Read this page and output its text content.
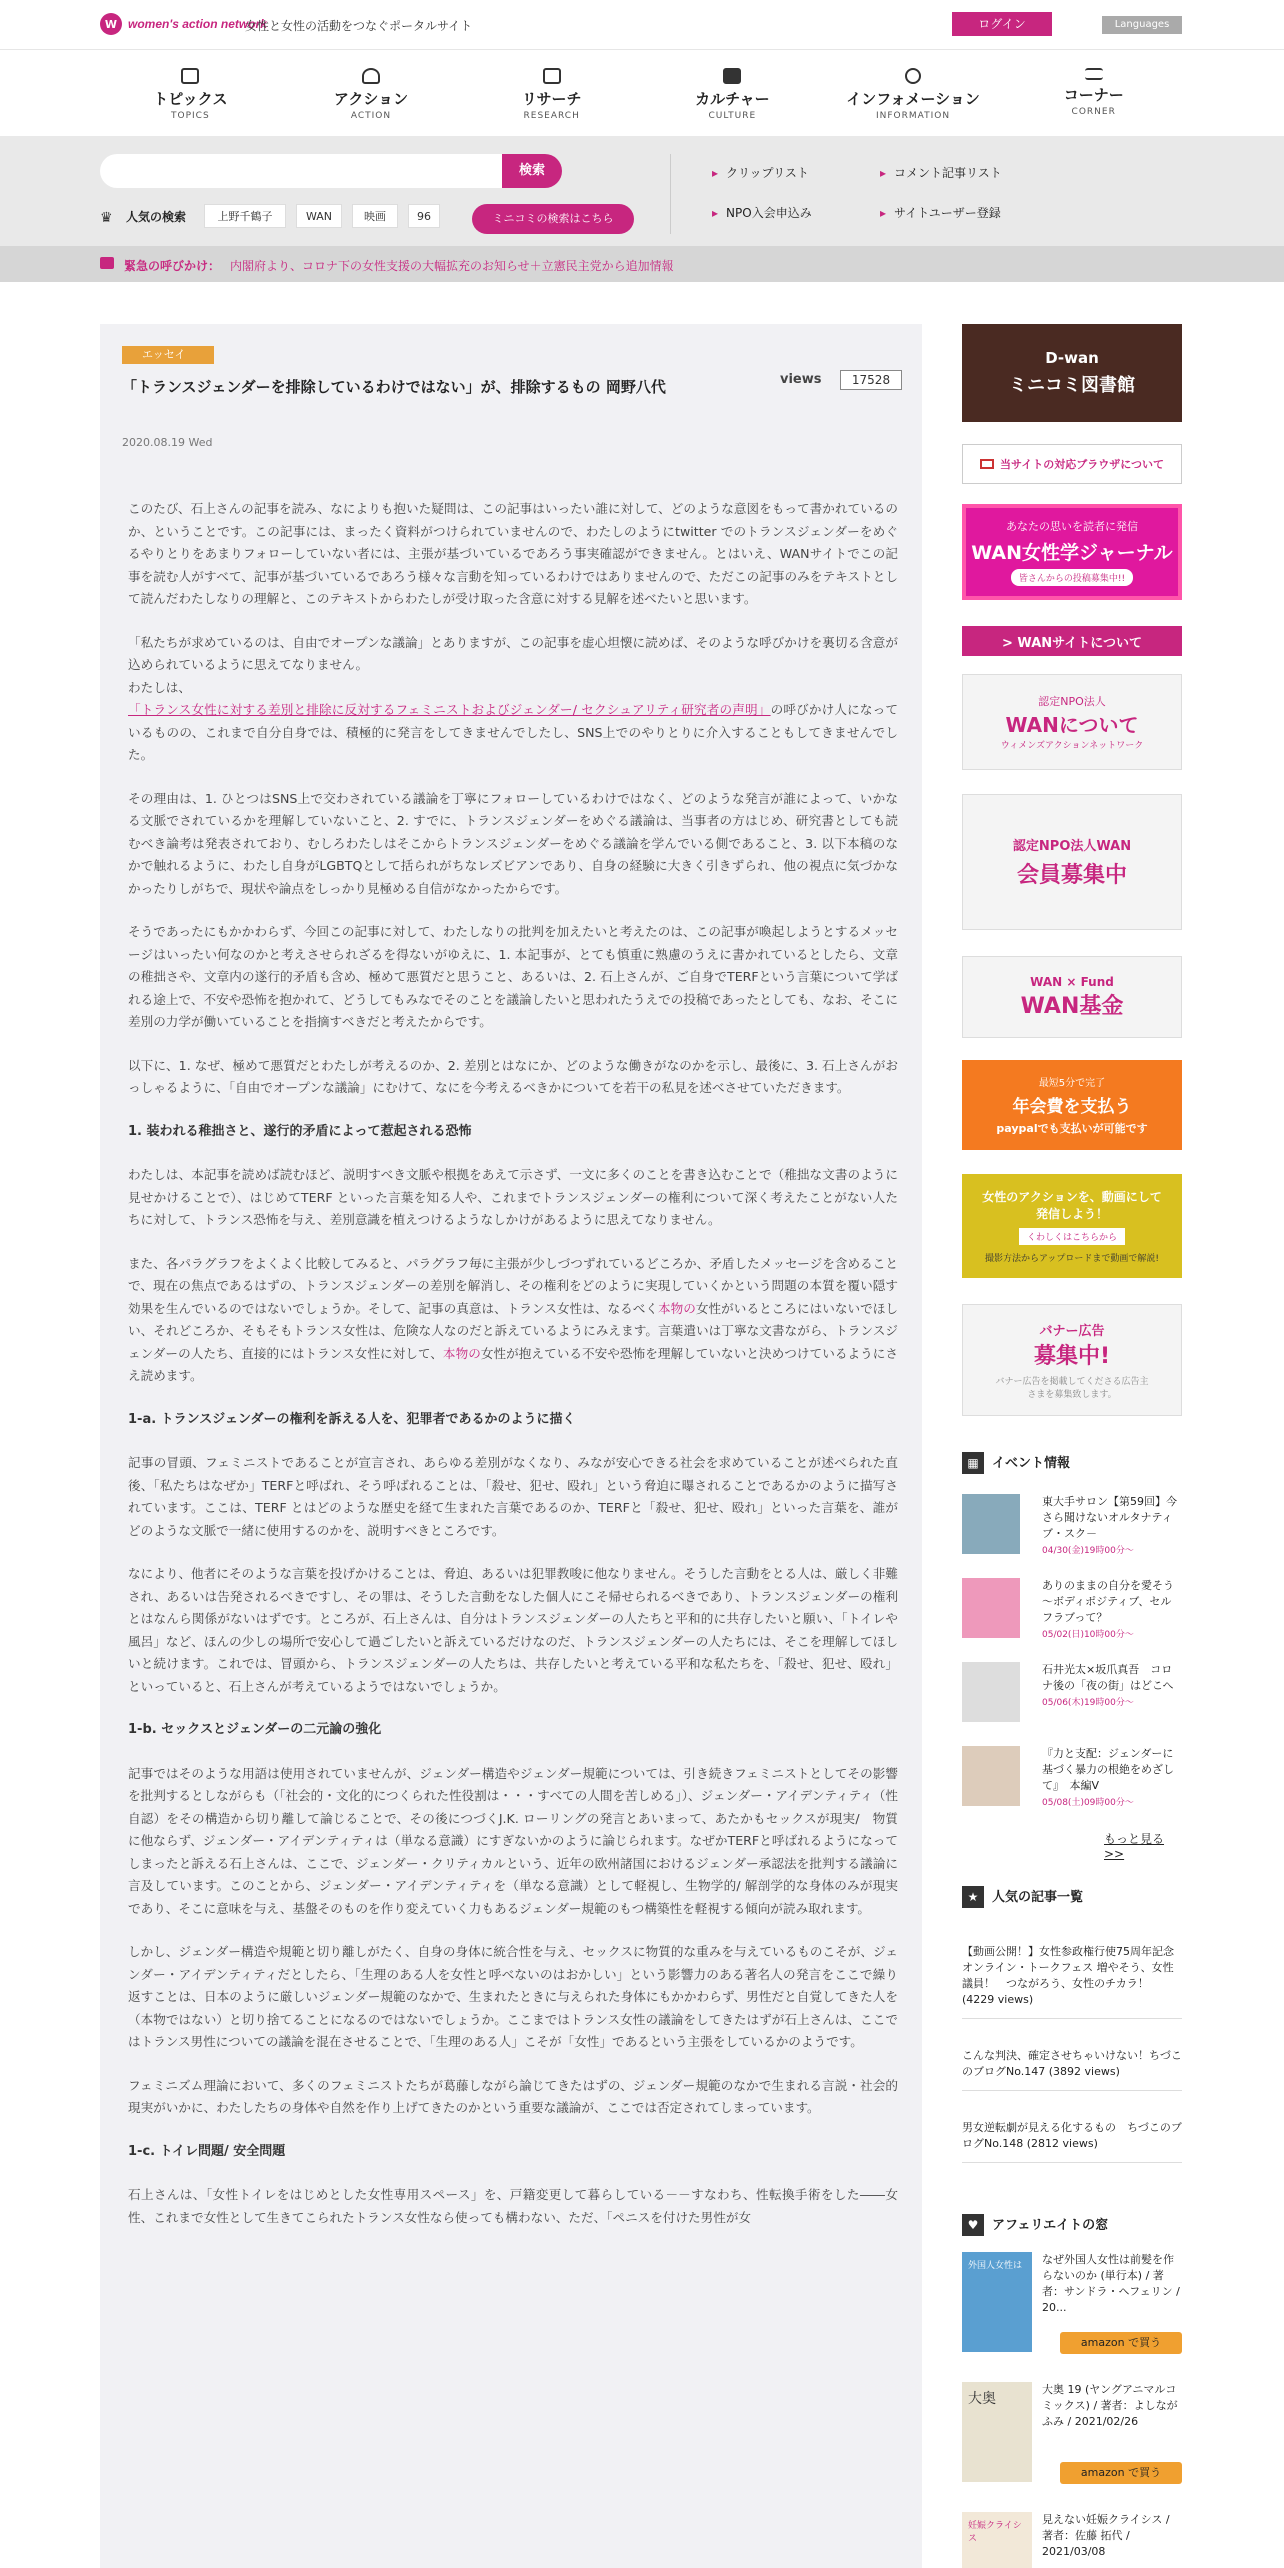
W women's action network
女性と女性の活動をつなぐポータルサイト	ログイン	Languages
トピックス
TOPICS
アクション
ACTION
リサーチ
RESEARCH
カルチャー
CULTURE
インフォメーション
INFORMATION
コーナー
CORNER
検索
♛	人気の検索	上野千鶴子	WAN	映画	96	ミニコミの検索はこちら
▸ クリップリスト	▸ コメント記事リスト
▸ NPO入会申込み	▸ サイトユーザー登録
緊急の呼びかけ： 内閣府より、コロナ下の女性支援の大幅拡充のお知らせ＋立憲民主党から追加情報
エッセイ
「トランスジェンダーを排除しているわけではない」が、排除するもの 岡野八代	views	17528
2020.08.19 Wed

このたび、石上さんの記事を読み、なによりも抱いた疑問は、この記事はいったい誰に対して、どのような意図をもって書かれているのか、ということです。この記事には、まったく資料がつけられていませんので、わたしのようにtwitter でのトランスジェンダーをめぐるやりとりをあまりフォローしていない者には、主張が基づいているであろう事実確認ができません。とはいえ、WANサイトでこの記事を読む人がすべて、記事が基づいているであろう様々な言動を知っているわけではありませんので、ただこの記事のみをテキストとして読んだわたしなりの理解と、このテキストからわたしが受け取った含意に対する見解を述べたいと思います。

「私たちが求めているのは、自由でオープンな議論」とありますが、この記事を虚心坦懐に読めば、そのような呼びかけを裏切る含意が込められているように思えてなりません。
わたしは、
「トランス女性に対する差別と排除に反対するフェミニストおよびジェンダー/ セクシュアリティ研究者の声明」の呼びかけ人になっているものの、これまで自分自身では、積極的に発言をしてきませんでしたし、SNS上でのやりとりに介入することもしてきませんでした。

その理由は、1. ひとつはSNS上で交わされている議論を丁寧にフォローしているわけではなく、どのような発言が誰によって、いかなる文脈でされているかを理解していないこと、2. すでに、トランスジェンダーをめぐる議論は、当事者の方はじめ、研究書としても読むべき論考は発表されており、むしろわたしはそこからトランスジェンダーをめぐる議論を学んでいる側であること、3. 以下本稿のなかで触れるように、わたし自身がLGBTQとして括られがちなレズビアンであり、自身の経験に大きく引きずられ、他の視点に気づかなかったりしがちで、現状や論点をしっかり見極める自信がなかったからです。

そうであったにもかかわらず、今回この記事に対して、わたしなりの批判を加えたいと考えたのは、この記事が喚起しようとするメッセージはいったい何なのかと考えさせられざるを得ないがゆえに、1. 本記事が、とても慎重に熟慮のうえに書かれているとしたら、文章の稚拙さや、文章内の遂行的矛盾も含め、極めて悪質だと思うこと、あるいは、2. 石上さんが、ご自身でTERFという言葉について学ばれる途上で、不安や恐怖を抱かれて、どうしてもみなでそのことを議論したいと思われたうえでの投稿であったとしても、なお、そこに差別の力学が働いていることを指摘すべきだと考えたからです。

以下に、1. なぜ、極めて悪質だとわたしが考えるのか、2. 差別とはなにか、どのような働きがなのかを示し、最後に、3. 石上さんがおっしゃるように、「自由でオープンな議論」にむけて、なにを今考えるべきかについてを若干の私見を述べさせていただきます。

1. 装われる稚拙さと、遂行的矛盾によって惹起される恐怖

わたしは、本記事を読めば読むほど、説明すべき文脈や根拠をあえて示さず、一文に多くのことを書き込むことで（稚拙な文書のように見せかけることで）、はじめてTERF といった言葉を知る人や、これまでトランスジェンダーの権利について深く考えたことがない人たちに対して、トランス恐怖を与え、差別意識を植えつけるようなしかけがあるように思えてなりません。

また、各パラグラフをよくよく比較してみると、パラグラフ毎に主張が少しづつずれているどころか、矛盾したメッセージを含めることで、現在の焦点であるはずの、トランスジェンダーの差別を解消し、その権利をどのように実現していくかという問題の本質を覆い隠す効果を生んでいるのではないでしょうか。そして、記事の真意は、トランス女性は、なるべく本物の女性がいるところにはいないでほしい、それどころか、そもそもトランス女性は、危険な人なのだと訴えているようにみえます。言葉遣いは丁寧な文書ながら、トランスジェンダーの人たち、直接的にはトランス女性に対して、本物の女性が抱えている不安や恐怖を理解していないと決めつけているようにさえ読めます。

1-a. トランスジェンダーの権利を訴える人を、犯罪者であるかのように描く

記事の冒頭、フェミニストであることが宣言され、あらゆる差別がなくなり、みなが安心できる社会を求めていることが述べられた直後、「私たちはなぜか」TERFと呼ばれ、そう呼ばれることは、「殺せ、犯せ、殴れ」という脅迫に曝されることであるかのように描写されています。ここは、TERF とはどのような歴史を経て生まれた言葉であるのか、TERFと「殺せ、犯せ、殴れ」といった言葉を、誰がどのような文脈で一緒に使用するのかを、説明すべきところです。

なにより、他者にそのような言葉を投げかけることは、脅迫、あるいは犯罪教唆に他なりません。そうした言動をとる人は、厳しく非難され、あるいは告発されるべきですし、その罪は、そうした言動をなした個人にこそ帰せられるべきであり、トランスジェンダーの権利とはなんら関係がないはずです。ところが、石上さんは、自分はトランスジェンダーの人たちと平和的に共存したいと願い、「トイレや風呂」など、ほんの少しの場所で安心して過ごしたいと訴えているだけなのだ、トランスジェンダーの人たちには、そこを理解してほしいと続けます。これでは、冒頭から、トランスジェンダーの人たちは、共存したいと考えている平和な私たちを、「殺せ、犯せ、殴れ」といっていると、石上さんが考えているようではないでしょうか。

1-b. セックスとジェンダーの二元論の強化

記事ではそのような用語は使用されていませんが、ジェンダー構造やジェンダー規範については、引き続きフェミニストとしてその影響を批判するとしながらも（「社会的・文化的につくられた性役割は・・・すべての人間を苦しめる」）、ジェンダー・アイデンティティ（性自認）をその構造から切り離して論じることで、その後につづくJ.K. ローリングの発言とあいまって、あたかもセックスが現実/　物質に他ならず、ジェンダー・アイデンティティは（単なる意識）にすぎないかのように論じられます。なぜかTERFと呼ばれるようになってしまったと訴える石上さんは、ここで、ジェンダー・クリティカルという、近年の欧州諸国におけるジェンダー承認法を批判する議論に言及しています。このことから、ジェンダー・アイデンティティを（単なる意識）として軽視し、生物学的/ 解剖学的な身体のみが現実であり、そこに意味を与え、基盤そのものを作り変えていく力もあるジェンダー規範のもつ構築性を軽視する傾向が読み取れます。

しかし、ジェンダー構造や規範と切り離しがたく、自身の身体に統合性を与え、セックスに物質的な重みを与えているものこそが、ジェンダー・アイデンティティだとしたら、「生理のある人を女性と呼べないのはおかしい」という影響力のある著名人の発言をここで繰り返すことは、日本のように厳しいジェンダー規範のなかで、生まれたときに与えられた身体にもかかわらず、男性だと自覚してきた人を（本物ではない）と切り捨てることになるのではないでしょうか。ここまではトランス女性の議論をしてきたはずが石上さんは、ここではトランス男性についての議論を混在させることで、「生理のある人」こそが「女性」であるという主張をしているかのようです。

フェミニズム理論において、多くのフェミニストたちが葛藤しながら論じてきたはずの、ジェンダー規範のなかで生まれる言説・社会的現実がいかに、わたしたちの身体や自然を作り上げてきたのかという重要な議論が、ここでは否定されてしまっています。

1-c. トイレ問題/ 安全問題

石上さんは、「女性トイレをはじめとした女性専用スペース」を、戸籍変更して暮らしている－－すなわち、性転換手術をした――女性、これまで女性として生きてこられたトランス女性なら使っても構わない、ただ、「ペニスを付けた男性が女

D-wan
ミニコミ図書館
当サイトの対応ブラウザについて
あなたの思いを読者に発信
WAN女性学ジャーナル
皆さんからの投稿募集中!!
> WANサイトについて
認定NPO法人
WANについて
ウィメンズアクションネットワーク
認定NPO法人WAN
会員募集中
WAN × Fund
WAN基金
最短5分で完了
年会費を支払う
paypalでも支払いが可能です
女性のアクションを、動画にして発信しよう！
くわしくはこちらから
撮影方法からアップロードまで動画で解説!
バナー広告
募集中!
バナー広告を掲載してくださる広告主さまを募集致します。
▦	イベント情報
東大手サロン【第59回】今さら聞けないオルタナティブ・スク－
04/30(金)19時00分～
ありのままの自分を愛そう～ボディポジティブ、セルフラブって？
05/02(日)10時00分～
石井光太×坂爪真吾　コロナ後の「夜の街」はどこへ
05/06(木)19時00分～
『力と支配：ジェンダーに基づく暴力の根絶をめざして』　本編V
05/08(土)09時00分～
もっと見る >>
★	人気の記事一覧
【動画公開！】女性参政権行使75周年記念　オンライン・トークフェス 増やそう、女性議員！　つながろう、女性のチカラ！ (4229 views)
こんな判決、確定させちゃいけない！ちづこのブログNo.147 (3892 views)
男女逆転劇が見える化するもの　ちづこのブログNo.148 (2812 views)
♥	アフェリエイトの窓
外国人女性は	なぜ外国人女性は前髪を作らないのか (単行本) / 著者：サンドラ・ヘフェリン / 20...
amazon で買う
大奥
大奥 19 (ヤングアニマルコミックス) / 著者：よしながふみ / 2021/02/26
amazon で買う
妊娠クライシス
見えない妊娠クライシス / 著者：佐藤 拓代 / 2021/03/08
